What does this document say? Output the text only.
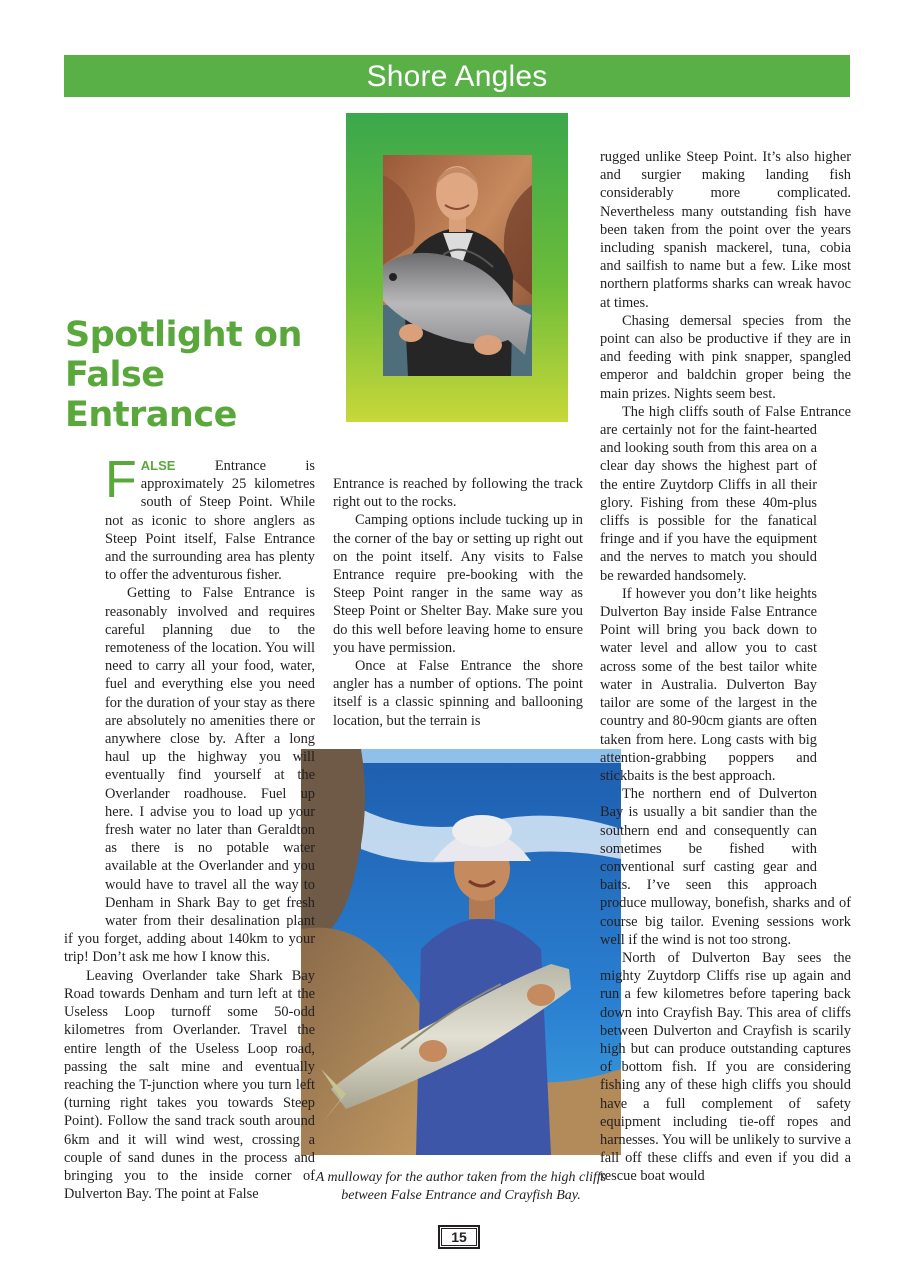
Shore Angles
Spotlight on False Entrance

FALSE Entrance is approximately 25 kilometres south of Steep Point. While not as iconic to shore anglers as Steep Point itself, False Entrance and the surrounding area has plenty to offer the adventurous fisher.

Getting to False Entrance is reasonably involved and requires careful planning due to the remoteness of the location. You will need to carry all your food, water, fuel and everything else you need for the duration of your stay as there are absolutely no amenities there or anywhere close by. After a long haul up the highway you will eventually find yourself at the Overlander roadhouse. Fuel up here. I advise you to load up your fresh water no later than Geraldton as there is no potable water available at the Overlander and you would have to travel all the way to Denham in Shark Bay to get fresh water from their desalination plant if you forget, adding about 140km to your trip! Don’t ask me how I know this.

Leaving Overlander take Shark Bay Road towards Denham and turn left at the Useless Loop turnoff some 50-odd kilometres from Overlander. Travel the entire length of the Useless Loop road, passing the salt mine and eventually reaching the T-junction where you turn left (turning right takes you towards Steep Point). Follow the sand track south around 6km and it will wind west, crossing a couple of sand dunes in the process and bringing you to the inside corner of Dulverton Bay. The point at False

Entrance is reached by following the track right out to the rocks.

Camping options include tucking up in the corner of the bay or setting up right out on the point itself. Any visits to False Entrance require pre-booking with the Steep Point ranger in the same way as Steep Point or Shelter Bay. Make sure you do this well before leaving home to ensure you have permission.

Once at False Entrance the shore angler has a number of options. The point itself is a classic spinning and ballooning location, but the terrain is

rugged unlike Steep Point. It’s also higher and surgier making landing fish considerably more complicated. Nevertheless many outstanding fish have been taken from the point over the years including spanish mackerel, tuna, cobia and sailfish to name but a few. Like most northern platforms sharks can wreak havoc at times.

Chasing demersal species from the point can also be productive if they are in and feeding with pink snapper, spangled emperor and baldchin groper being the main prizes. Nights seem best.

The high cliffs south of False Entrance are certainly not for the faint-hearted and looking south from this area on a clear day shows the highest part of the entire Zuytdorp Cliffs in all their glory. Fishing from these 40m-plus cliffs is possible for the fanatical fringe and if you have the equipment and the nerves to match you should be rewarded handsomely.

If however you don’t like heights Dulverton Bay inside False Entrance Point will bring you back down to water level and allow you to cast across some of the best tailor white water in Australia. Dulverton Bay tailor are some of the largest in the country and 80-90cm giants are often taken from here. Long casts with big attention-grabbing poppers and stickbaits is the best approach.

The northern end of Dulverton Bay is usually a bit sandier than the southern end and consequently can sometimes be fished with conventional surf casting gear and baits. I’ve seen this approach produce mulloway, bonefish, sharks and of course big tailor. Evening sessions work well if the wind is not too strong.

North of Dulverton Bay sees the mighty Zuytdorp Cliffs rise up again and run a few kilometres before tapering back down into Crayfish Bay. This area of cliffs between Dulverton and Crayfish is scarily high but can produce outstanding captures of bottom fish. If you are considering fishing any of these high cliffs you should have a full complement of safety equipment including tie-off ropes and harnesses. You will be unlikely to survive a fall off these cliffs and even if you did a rescue boat would

A mulloway for the author taken from the high cliffs between False Entrance and Crayfish Bay.

15
